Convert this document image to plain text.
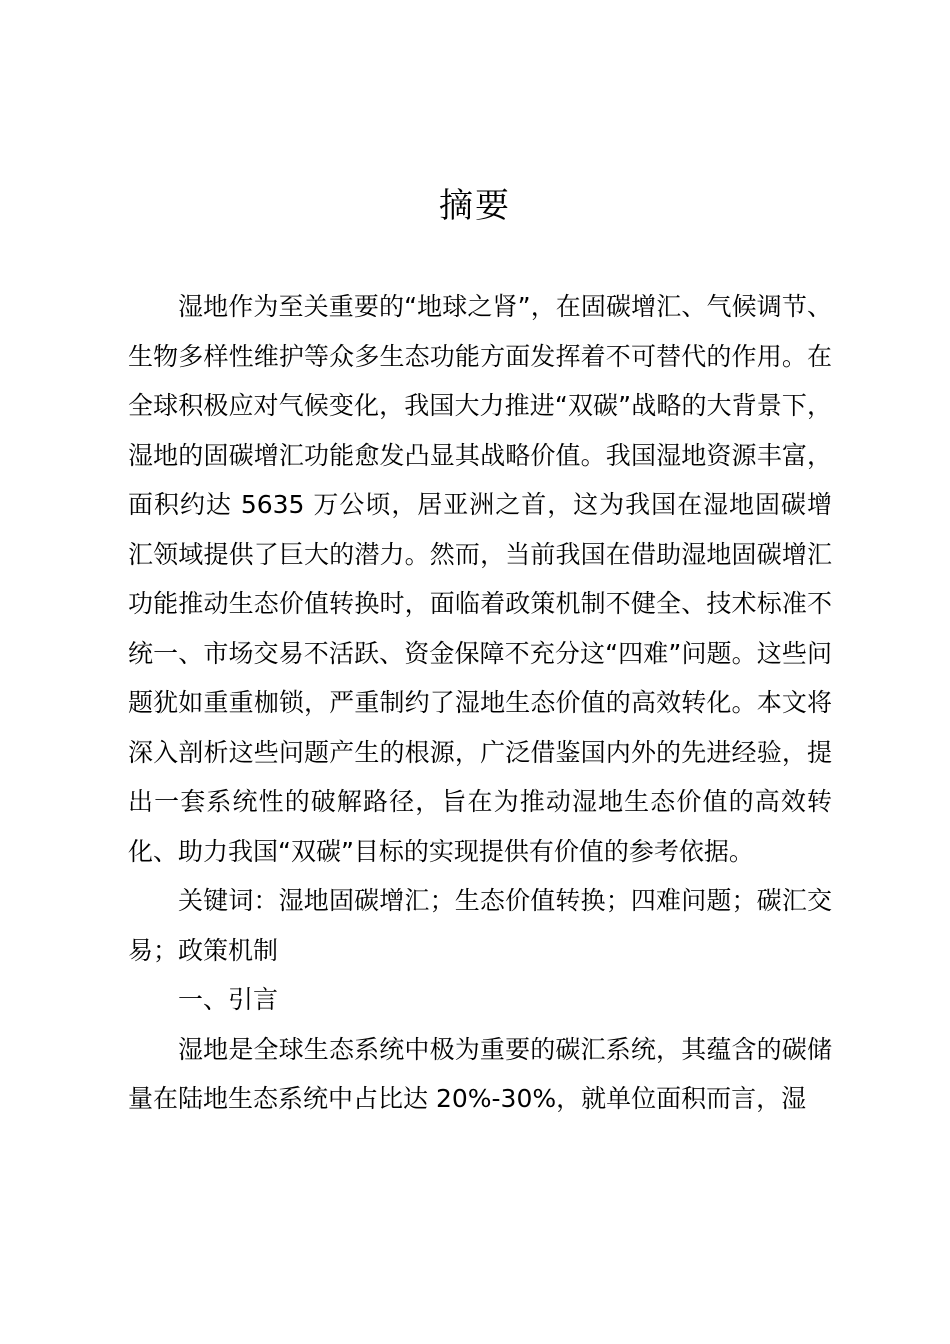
摘要

湿地作为至关重要的“地球之肾”，在固碳增汇、气候调节、生物多样性维护等众多生态功能方面发挥着不可替代的作用。在全球积极应对气候变化，我国大力推进“双碳”战略的大背景下，湿地的固碳增汇功能愈发凸显其战略价值。我国湿地资源丰富，面积约达 5635 万公顷，居亚洲之首，这为我国在湿地固碳增汇领域提供了巨大的潜力。然而，当前我国在借助湿地固碳增汇功能推动生态价值转换时，面临着政策机制不健全、技术标准不统一、市场交易不活跃、资金保障不充分这“四难”问题。这些问题犹如重重枷锁，严重制约了湿地生态价值的高效转化。本文将深入剖析这些问题产生的根源，广泛借鉴国内外的先进经验，提出一套系统性的破解路径，旨在为推动湿地生态价值的高效转化、助力我国“双碳”目标的实现提供有价值的参考依据。

关键词：湿地固碳增汇；生态价值转换；四难问题；碳汇交易；政策机制

一、引言

湿地是全球生态系统中极为重要的碳汇系统，其蕴含的碳储量在陆地生态系统中占比达 20%-30%，就单位面积而言，湿
